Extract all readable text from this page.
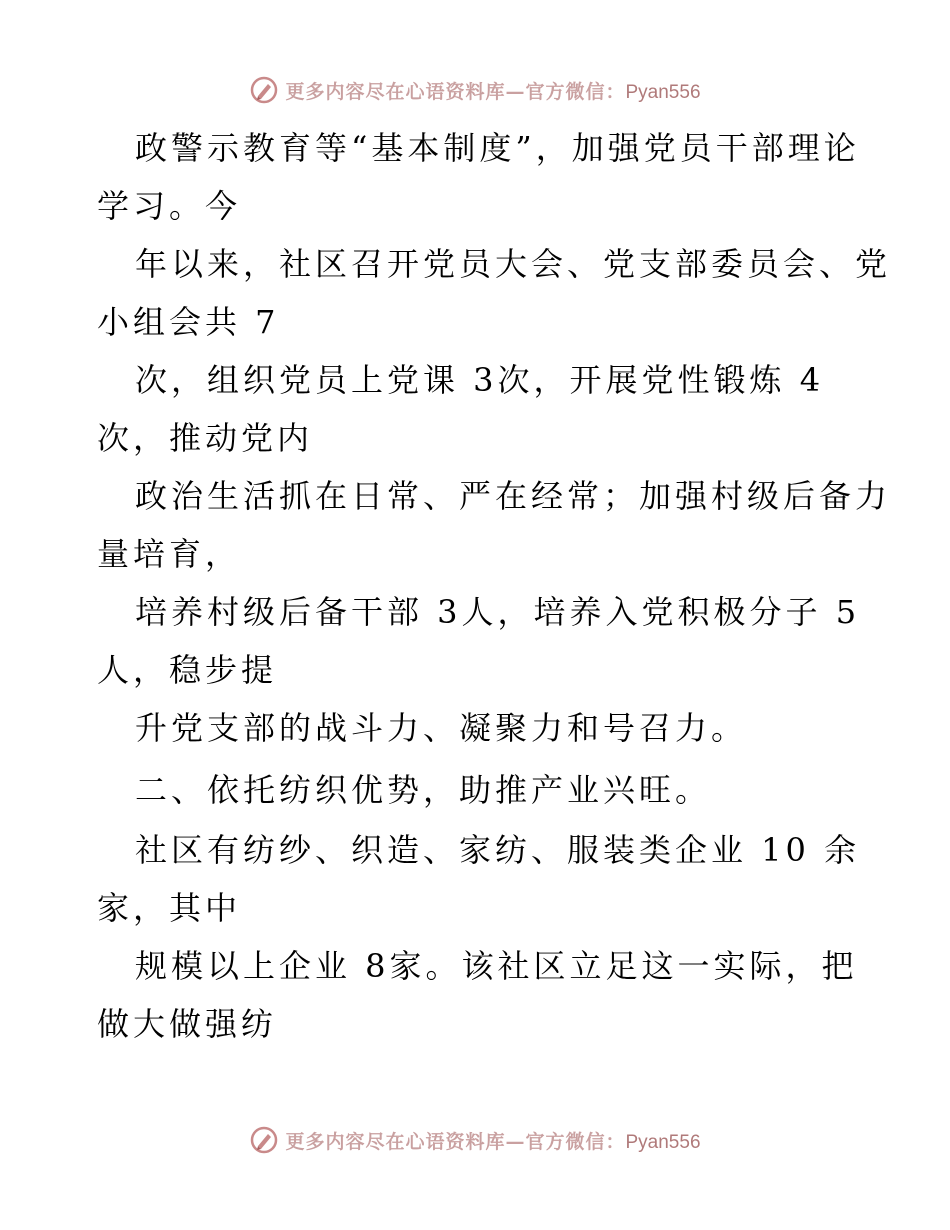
更多内容尽在心语资料库—官方微信：Pyan556
政警示教育等“基本制度”，加强党员干部理论
学习。今
年以来，社区召开党员大会、党支部委员会、党
小组会共 7
次，组织党员上党课 3次，开展党性锻炼 4
次，推动党内
政治生活抓在日常、严在经常；加强村级后备力
量培育，
培养村级后备干部 3人，培养入党积极分子 5
人，稳步提
升党支部的战斗力、凝聚力和号召力。
二、依托纺织优势，助推产业兴旺。
社区有纺纱、织造、家纺、服装类企业 10 余
家，其中
规模以上企业 8家。该社区立足这一实际，把
做大做强纺
更多内容尽在心语资料库—官方微信：Pyan556
